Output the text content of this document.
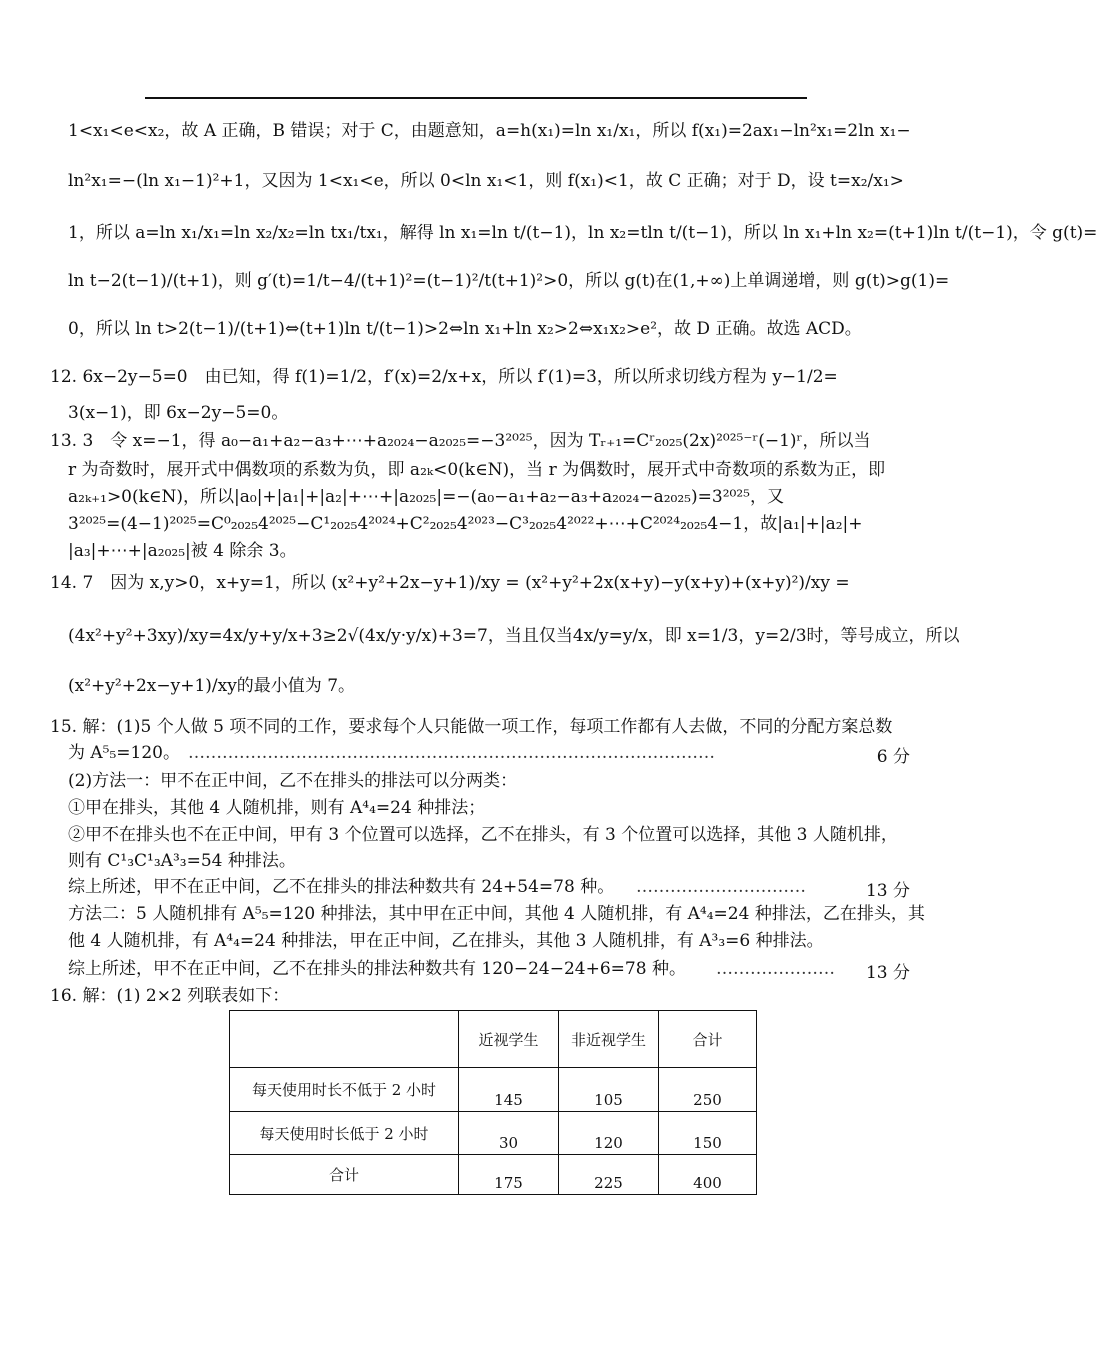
1<x₁<e<x₂，故 A 正确，B 错误；对于 C，由题意知，a=h(x₁)=ln x₁/x₁，所以 f(x₁)=2ax₁−ln²x₁=2ln x₁−
ln²x₁=−(ln x₁−1)²+1，又因为 1<x₁<e，所以 0<ln x₁<1，则 f(x₁)<1，故 C 正确；对于 D，设 t=x₂/x₁>
1，所以 a=ln x₁/x₁=ln x₂/x₂=ln tx₁/tx₁，解得 ln x₁=ln t/(t−1)，ln x₂=tln t/(t−1)，所以 ln x₁+ln x₂=(t+1)ln t/(t−1)，令 g(t)=
ln t−2(t−1)/(t+1)，则 g′(t)=1/t−4/(t+1)²=(t−1)²/t(t+1)²>0，所以 g(t)在(1,+∞)上单调递增，则 g(t)>g(1)=
0，所以 ln t>2(t−1)/(t+1)⇔(t+1)ln t/(t−1)>2⇔ln x₁+ln x₂>2⇔x₁x₂>e²，故 D 正确。故选 ACD。
12. 6x−2y−5=0　由已知，得 f(1)=1/2，f′(x)=2/x+x，所以 f′(1)=3，所以所求切线方程为 y−1/2=
3(x−1)，即 6x−2y−5=0。
13. 3　令 x=−1，得 a₀−a₁+a₂−a₃+⋯+a₂₀₂₄−a₂₀₂₅=−3²⁰²⁵，因为 Tᵣ₊₁=Cʳ₂₀₂₅(2x)²⁰²⁵⁻ʳ(−1)ʳ，所以当
r 为奇数时，展开式中偶数项的系数为负，即 a₂ₖ<0(k∈N)，当 r 为偶数时，展开式中奇数项的系数为正，即
a₂ₖ₊₁>0(k∈N)，所以|a₀|+|a₁|+|a₂|+⋯+|a₂₀₂₅|=−(a₀−a₁+a₂−a₃+a₂₀₂₄−a₂₀₂₅)=3²⁰²⁵，又
3²⁰²⁵=(4−1)²⁰²⁵=C⁰₂₀₂₅4²⁰²⁵−C¹₂₀₂₅4²⁰²⁴+C²₂₀₂₅4²⁰²³−C³₂₀₂₅4²⁰²²+⋯+C²⁰²⁴₂₀₂₅4−1，故|a₁|+|a₂|+
|a₃|+⋯+|a₂₀₂₅|被 4 除余 3。
14. 7　因为 x,y>0，x+y=1，所以 (x²+y²+2x−y+1)/xy = (x²+y²+2x(x+y)−y(x+y)+(x+y)²)/xy =
(4x²+y²+3xy)/xy=4x/y+y/x+3≥2√(4x/y·y/x)+3=7，当且仅当4x/y=y/x，即 x=1/3，y=2/3时，等号成立，所以
(x²+y²+2x−y+1)/xy的最小值为 7。
15. 解：(1)5 个人做 5 项不同的工作，要求每个人只能做一项工作，每项工作都有人去做，不同的分配方案总数
为 A⁵₅=120。 …………………………………………………………………………………	6 分
(2)方法一：甲不在正中间，乙不在排头的排法可以分两类：
①甲在排头，其他 4 人随机排，则有 A⁴₄=24 种排法；
②甲不在排头也不在正中间，甲有 3 个位置可以选择，乙不在排头，有 3 个位置可以选择，其他 3 人随机排，
则有 C¹₃C¹₃A³₃=54 种排法。
综上所述，甲不在正中间，乙不在排头的排法种数共有 24+54=78 种。 …………………………	13 分
方法二：5 人随机排有 A⁵₅=120 种排法，其中甲在正中间，其他 4 人随机排，有 A⁴₄=24 种排法，乙在排头，其
他 4 人随机排，有 A⁴₄=24 种排法，甲在正中间，乙在排头，其他 3 人随机排，有 A³₃=6 种排法。
综上所述，甲不在正中间，乙不在排头的排法种数共有 120−24−24+6=78 种。 ………………… 13 分
16. 解：(1) 2×2 列联表如下：
	近视学生	非近视学生	合计
每天使用时长不低于 2 小时	145	105	250
每天使用时长低于 2 小时	30	120	150
合计	175	225	400
